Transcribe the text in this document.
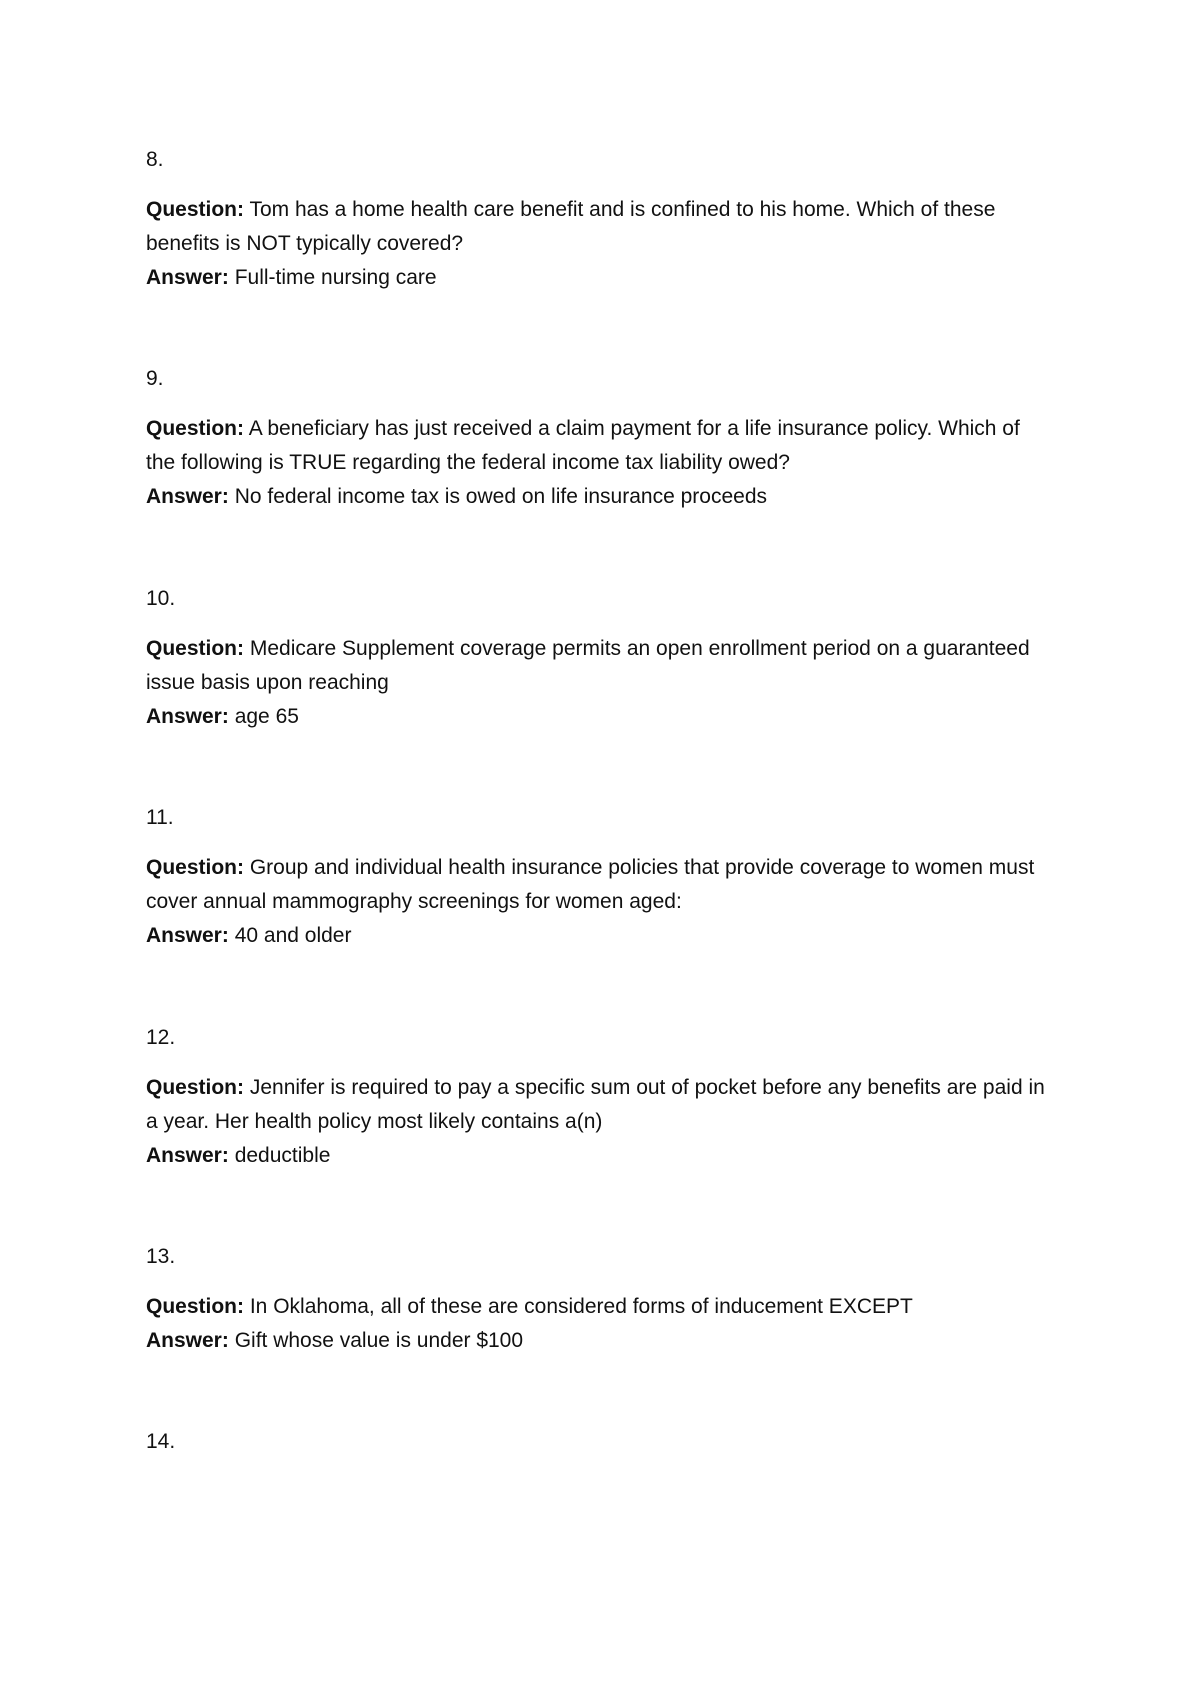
8.

Question: Tom has a home health care benefit and is confined to his home. Which of these benefits is NOT typically covered?
Answer: Full-time nursing care

9.

Question: A beneficiary has just received a claim payment for a life insurance policy. Which of the following is TRUE regarding the federal income tax liability owed?
Answer: No federal income tax is owed on life insurance proceeds

10.

Question: Medicare Supplement coverage permits an open enrollment period on a guaranteed issue basis upon reaching
Answer: age 65

11.

Question: Group and individual health insurance policies that provide coverage to women must cover annual mammography screenings for women aged:
Answer: 40 and older

12.

Question: Jennifer is required to pay a specific sum out of pocket before any benefits are paid in a year. Her health policy most likely contains a(n)
Answer: deductible

13.

Question: In Oklahoma, all of these are considered forms of inducement EXCEPT
Answer: Gift whose value is under $100

14.
